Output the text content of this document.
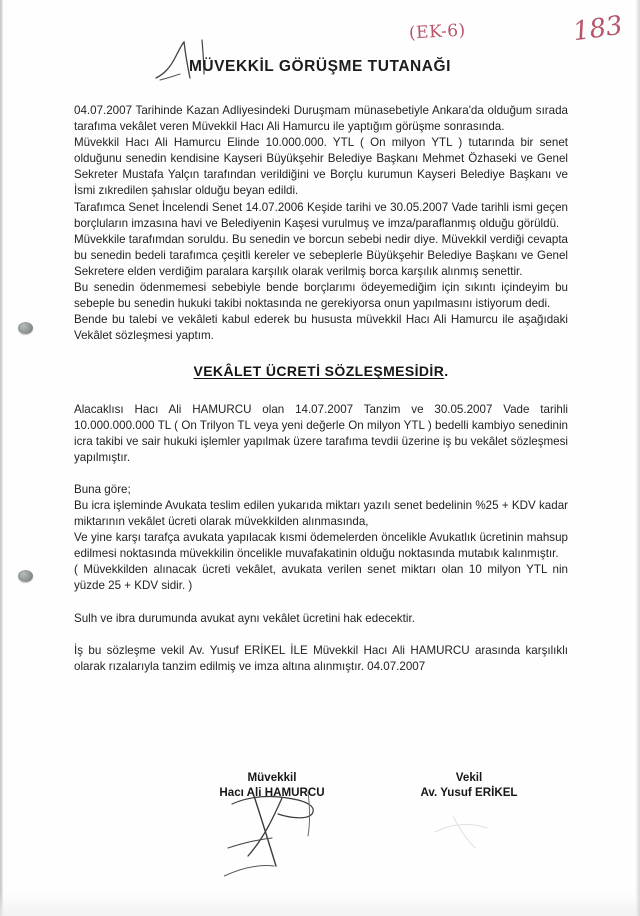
(EK-6)	183
MÜVEKKİL GÖRÜŞME TUTANAĞI

04.07.2007 Tarihinde Kazan Adliyesindeki Duruşmam münasebetiyle Ankara'da olduğum sırada tarafıma vekâlet veren Müvekkil Hacı Ali Hamurcu ile yaptığım görüşme sonrasında.

Müvekkil Hacı Ali Hamurcu Elinde 10.000.000. YTL ( On milyon YTL ) tutarında bir senet olduğunu senedin kendisine Kayseri Büyükşehir Belediye Başkanı Mehmet Özhaseki ve Genel Sekreter Mustafa Yalçın tarafından verildiğini ve Borçlu kurumun Kayseri Belediye Başkanı ve İsmi zıkredilen şahıslar olduğu beyan edildi.

Tarafımca Senet İncelendi Senet 14.07.2006 Keşide tarihi ve 30.05.2007 Vade tarihli ismi geçen borçluların imzasına havi ve Belediyenin Kaşesi vurulmuş ve imza/paraflanmış olduğu görüldü.

Müvekkile tarafımdan soruldu. Bu senedin ve borcun sebebi nedir diye. Müvekkil verdiği cevapta bu senedin bedeli tarafımca çeşitli kereler ve sebeplerle Büyükşehir Belediye Başkanı ve Genel Sekretere elden verdiğim paralara karşılık olarak verilmiş borca karşılık alınmış senettir.

Bu senedin ödenmemesi sebebiyle bende borçlarımı ödeyemediğim için sıkıntı içindeyim bu sebeple bu senedin hukuki takibi noktasında ne gerekiyorsa onun yapılmasını istiyorum dedi.

Bende bu talebi ve vekâleti kabul ederek bu hususta müvekkil Hacı Ali Hamurcu ile aşağıdaki Vekâlet sözleşmesi yaptım.

VEKÂLET ÜCRETİ SÖZLEŞMESİDİR.

Alacaklısı Hacı Ali HAMURCU olan 14.07.2007 Tanzim ve 30.05.2007 Vade tarihli 10.000.000.000 TL ( On Trilyon TL veya yeni değerle On milyon YTL ) bedelli kambiyo senedinin icra takibi ve sair hukuki işlemler yapılmak üzere tarafıma tevdii üzerine iş bu vekâlet sözleşmesi yapılmıştır.

Buna göre;

Bu icra işleminde Avukata teslim edilen yukarıda miktarı yazılı senet bedelinin %25 + KDV kadar miktarının vekâlet ücreti olarak müvekkilden alınmasında,

Ve yine karşı tarafça avukata yapılacak kısmi ödemelerden öncelikle Avukatlık ücretinin mahsup edilmesi noktasında müvekkilin öncelikle muvafakatinin olduğu noktasında mutabık kalınmıştır.

( Müvekkilden alınacak ücreti vekâlet, avukata verilen senet miktarı olan 10 milyon YTL nin yüzde 25 + KDV sidir. )

Sulh ve ibra durumunda avukat aynı vekâlet ücretini hak edecektir.

İş bu sözleşme vekil Av. Yusuf ERİKEL İLE Müvekkil Hacı Ali HAMURCU arasında karşılıklı olarak rızalarıyla tanzim edilmiş ve imza altına alınmıştır. 04.07.2007

Müvekkil
Hacı Ali HAMURCU
Vekil
Av. Yusuf ERİKEL
